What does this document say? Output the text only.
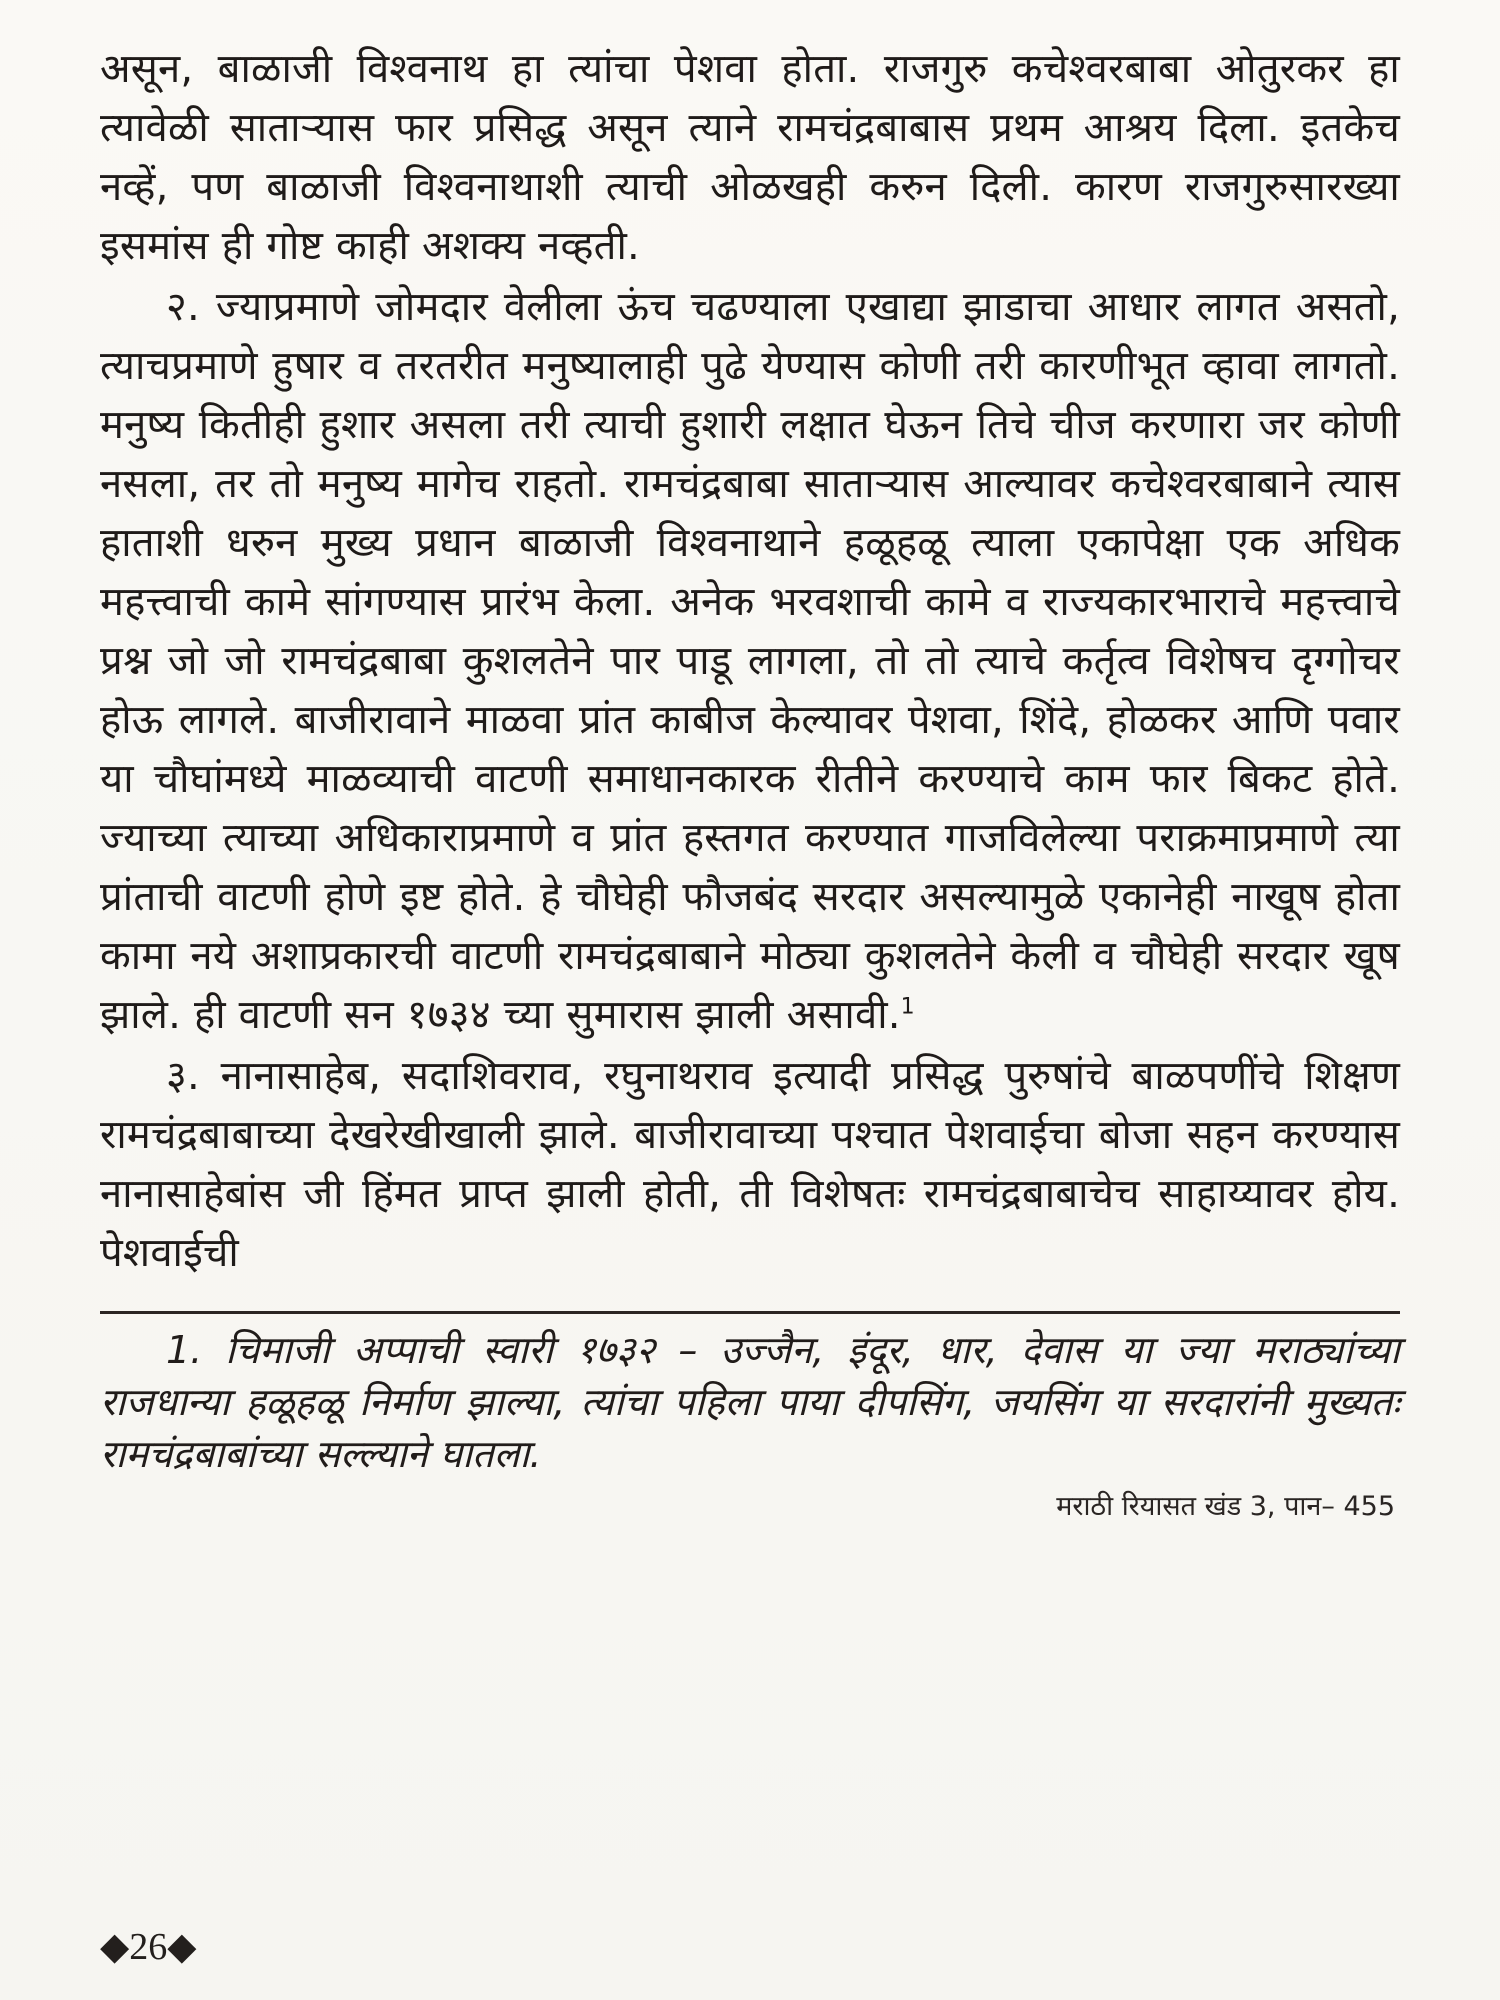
असून, बाळाजी विश्वनाथ हा त्यांचा पेशवा होता. राजगुरु कचेश्वरबाबा ओतुरकर हा त्यावेळी सातार्‍यास फार प्रसिद्ध असून त्याने रामचंद्रबाबास प्रथम आश्रय दिला. इतकेच नव्हें, पण बाळाजी विश्वनाथाशी त्याची ओळखही करुन दिली. कारण राजगुरुसारख्या इसमांस ही गोष्ट काही अशक्य नव्हती.

२. ज्याप्रमाणे जोमदार वेलीला ऊंच चढण्याला एखाद्या झाडाचा आधार लागत असतो, त्याचप्रमाणे हुषार व तरतरीत मनुष्यालाही पुढे येण्यास कोणी तरी कारणीभूत व्हावा लागतो. मनुष्य कितीही हुशार असला तरी त्याची हुशारी लक्षात घेऊन तिचे चीज करणारा जर कोणी नसला, तर तो मनुष्य मागेच राहतो. रामचंद्रबाबा सातार्‍यास आल्यावर कचेश्वरबाबाने त्यास हाताशी धरुन मुख्य प्रधान बाळाजी विश्वनाथाने हळूहळू त्याला एकापेक्षा एक अधिक महत्त्वाची कामे सांगण्यास प्रारंभ केला. अनेक भरवशाची कामे व राज्यकारभाराचे महत्त्वाचे प्रश्न जो जो रामचंद्रबाबा कुशलतेने पार पाडू लागला, तो तो त्याचे कर्तृत्व विशेषच दृग्गोचर होऊ लागले. बाजीरावाने माळवा प्रांत काबीज केल्यावर पेशवा, शिंदे, होळकर आणि पवार या चौघांमध्ये माळव्याची वाटणी समाधानकारक रीतीने करण्याचे काम फार बिकट होते. ज्याच्या त्याच्या अधिकाराप्रमाणे व प्रांत हस्तगत करण्यात गाजविलेल्या पराक्रमाप्रमाणे त्या प्रांताची वाटणी होणे इष्ट होते. हे चौघेही फौजबंद सरदार असल्यामुळे एकानेही नाखूष होता कामा नये अशाप्रकारची वाटणी रामचंद्रबाबाने मोठ्या कुशलतेने केली व चौघेही सरदार खूष झाले. ही वाटणी सन १७३४ च्या सुमारास झाली असावी.$^1$

३. नानासाहेब, सदाशिवराव, रघुनाथराव इत्यादी प्रसिद्ध पुरुषांचे बाळपणींचे शिक्षण रामचंद्रबाबाच्या देखरेखीखाली झाले. बाजीरावाच्या पश्चात पेशवाईचा बोजा सहन करण्यास नानासाहेबांस जी हिंमत प्राप्त झाली होती, ती विशेषतः रामचंद्रबाबाचेच साहाय्यावर होय. पेशवाईची

1. चिमाजी अप्पाची स्वारी १७३२ – उज्जैन, इंदूर, धार, देवास या ज्या मराठ्यांच्या राजधान्या हळूहळू निर्माण झाल्या, त्यांचा पहिला पाया दीपसिंग, जयसिंग या सरदारांनी मुख्यतः रामचंद्रबाबांच्या सल्ल्याने घातला.

मराठी रियासत खंड 3, पान– 455
◆26◆
